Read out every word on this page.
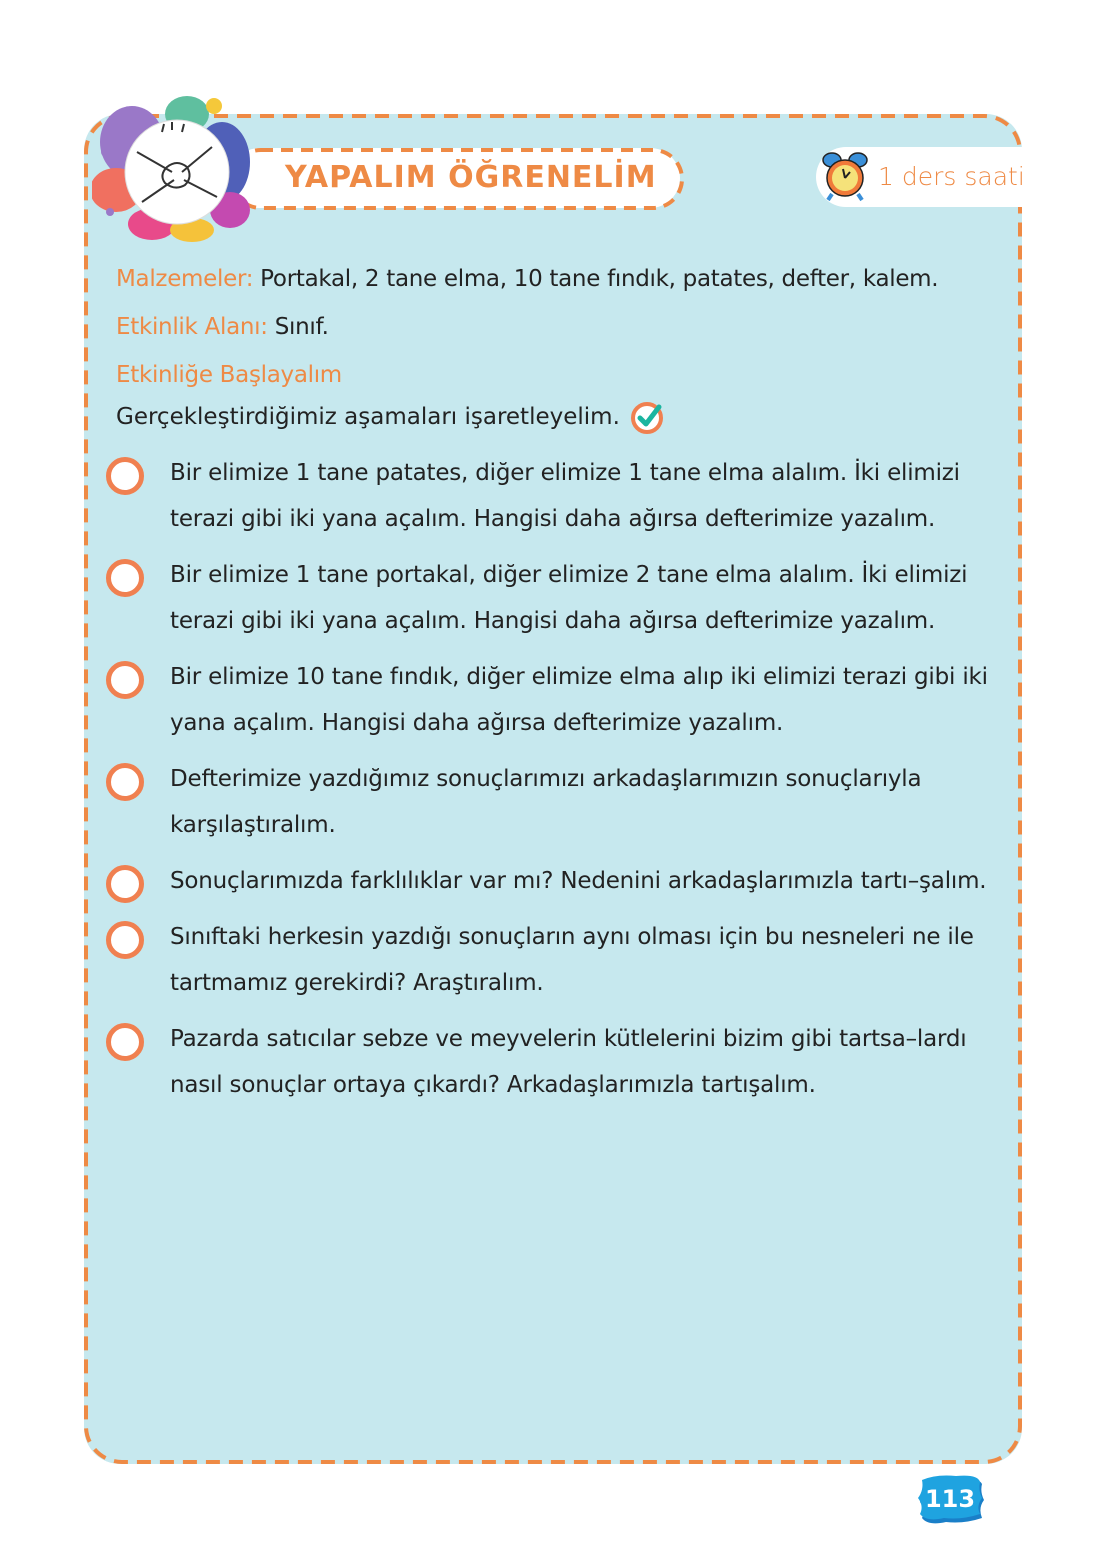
YAPALIM ÖĞRENELİM	1 ders saati
Malzemeler: Portakal, 2 tane elma, 10 tane fındık, patates, defter, kalem.
Etkinlik Alanı: Sınıf.
Etkinliğe Başlayalım
Gerçekleştirdiğimiz aşamaları işaretleyelim.
Bir elimize 1 tane patates, diğer elimize 1 tane elma alalım. İki elimizi terazi gibi iki yana açalım. Hangisi daha ağırsa defterimize yazalım.
Bir elimize 1 tane portakal, diğer elimize 2 tane elma alalım. İki elimizi terazi gibi iki yana açalım. Hangisi daha ağırsa defterimize yazalım.
Bir elimize 10 tane fındık, diğer elimize elma alıp iki elimizi terazi gibi iki yana açalım. Hangisi daha ağırsa defterimize yazalım.
Defterimize yazdığımız sonuçlarımızı arkadaşlarımızın sonuçlarıyla karşılaştıralım.
Sonuçlarımızda farklılıklar var mı? Nedenini arkadaşlarımızla tartı–şalım.
Sınıftaki herkesin yazdığı sonuçların aynı olması için bu nesneleri ne ile tartmamız gerekirdi? Araştıralım.
Pazarda satıcılar sebze ve meyvelerin kütlelerini bizim gibi tartsa–lardı nasıl sonuçlar ortaya çıkardı? Arkadaşlarımızla tartışalım.
113
